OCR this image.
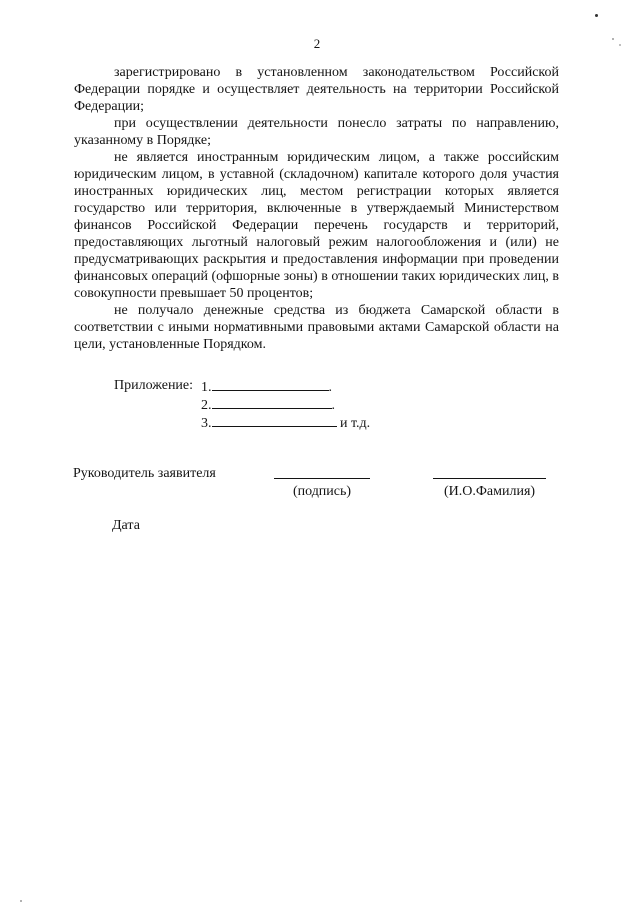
2

зарегистрировано в установленном законодательством Российской Федерации порядке и осуществляет деятельность на территории Российской Федерации;

при осуществлении деятельности понесло затраты по направлению, указанному в Порядке;

не является иностранным юридическим лицом, а также российским юридическим лицом, в уставной (складочном) капитале которого доля участия иностранных юридических лиц, местом регистрации которых является государство или территория, включенные в утверждаемый Министерством финансов Российской Федерации перечень государств и территорий, предоставляющих льготный налоговый режим налогообложения и (или) не предусматривающих раскрытия и предоставления информации при проведении финансовых операций (офшорные зоны) в отношении таких юридических лиц, в совокупности превышает 50 процентов;

не получало денежные средства из бюджета Самарской области в соответствии с иными нормативными правовыми актами Самарской области на цели, установленные Порядком.

Приложение: 1.	.
2.	.
3.	и т.д.
Руководитель заявителя
(подпись)	(И.О.Фамилия)
Дата
